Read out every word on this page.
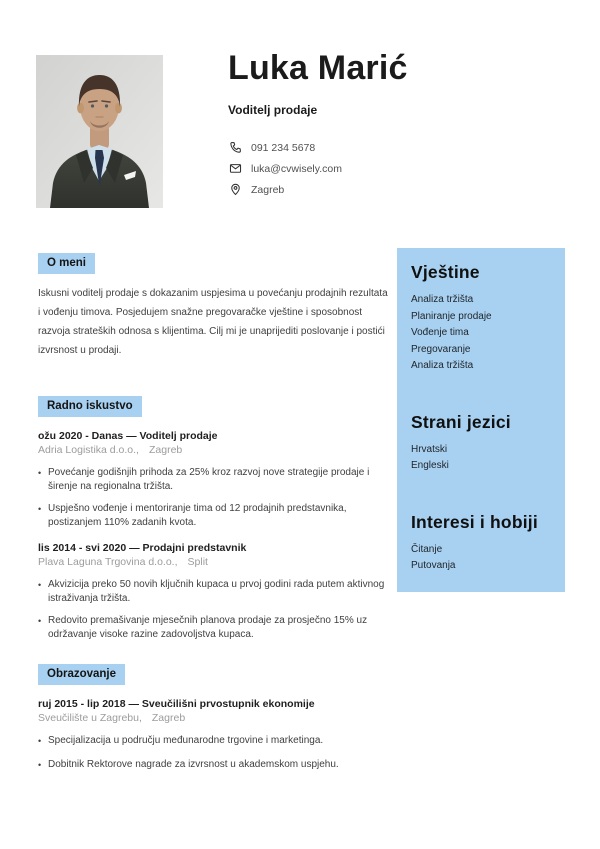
Luka Marić
Voditelj prodaje
091 234 5678
luka@cvwisely.com
Zagreb
O meni
Iskusni voditelj prodaje s dokazanim uspjesima u povećanju prodajnih rezultata i vođenju timova. Posjedujem snažne pregovaračke vještine i sposobnost razvoja strateških odnosa s klijentima. Cilj mi je unaprijediti poslovanje i postići izvrsnost u prodaji.
Radno iskustvo
ožu 2020 - Danas — Voditelj prodaje
Adria Logistika d.o.o., Zagreb
• Povećanje godišnjih prihoda za 25% kroz razvoj nove strategije prodaje i širenje na regionalna tržišta.
• Uspješno vođenje i mentoriranje tima od 12 prodajnih predstavnika, postizanjem 110% zadanih kvota.
lis 2014 - svi 2020 — Prodajni predstavnik
Plava Laguna Trgovina d.o.o., Split
• Akvizicija preko 50 novih ključnih kupaca u prvoj godini rada putem aktivnog istraživanja tržišta.
• Redovito premašivanje mjesečnih planova prodaje za prosječno 15% uz održavanje visoke razine zadovoljstva kupaca.
Obrazovanje
ruj 2015 - lip 2018 — Sveučilišni prvostupnik ekonomije
Sveučilište u Zagrebu, Zagreb
• Specijalizacija u području međunarodne trgovine i marketinga.
• Dobitnik Rektorove nagrade za izvrsnost u akademskom uspjehu.
Vještine
Analiza tržišta
Planiranje prodaje
Vođenje tima
Pregovaranje
Analiza tržišta
Strani jezici
Hrvatski
Engleski
Interesi i hobiji
Čitanje
Putovanja
